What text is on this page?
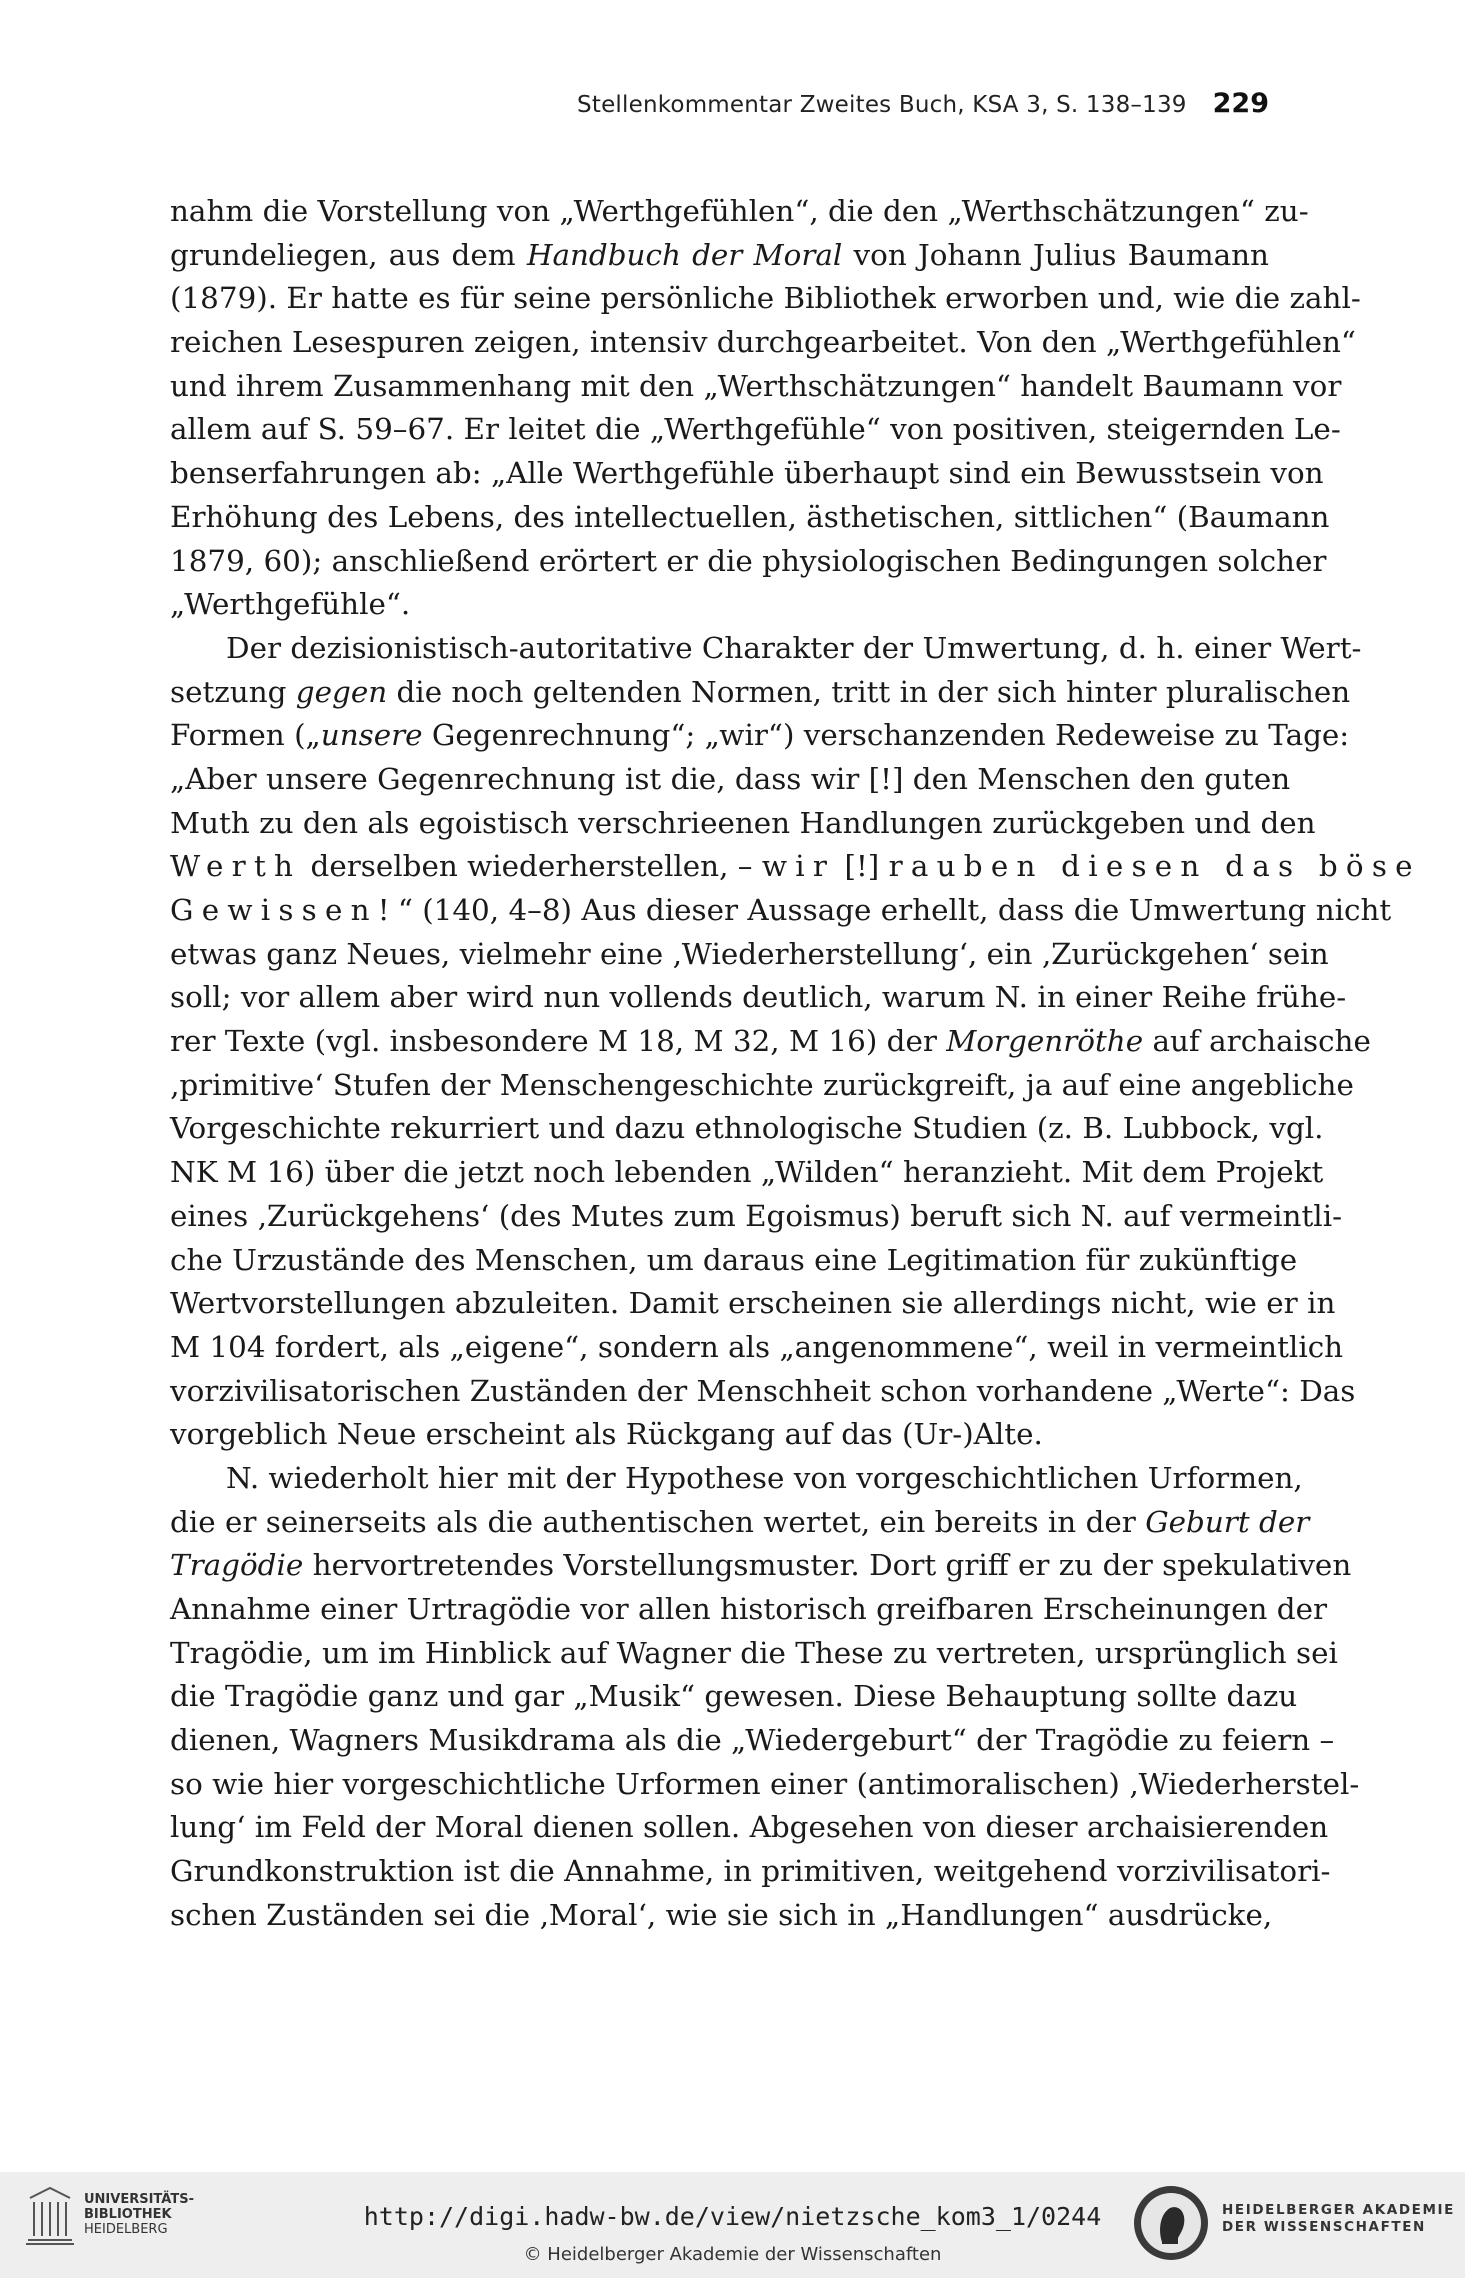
Stellenkommentar Zweites Buch, KSA 3, S. 138–139 229
nahm die Vorstellung von „Werthgefühlen“, die den „Werthschätzungen“ zu-
grundeliegen, aus dem Handbuch der Moral von Johann Julius Baumann
(1879). Er hatte es für seine persönliche Bibliothek erworben und, wie die zahl-
reichen Lesespuren zeigen, intensiv durchgearbeitet. Von den „Werthgefühlen“
und ihrem Zusammenhang mit den „Werthschätzungen“ handelt Baumann vor
allem auf S. 59–67. Er leitet die „Werthgefühle“ von positiven, steigernden Le-
benserfahrungen ab: „Alle Werthgefühle überhaupt sind ein Bewusstsein von
Erhöhung des Lebens, des intellectuellen, ästhetischen, sittlichen“ (Baumann
1879, 60); anschließend erörtert er die physiologischen Bedingungen solcher
„Werthgefühle“.
Der dezisionistisch-autoritative Charakter der Umwertung, d. h. einer Wert-
setzung gegen die noch geltenden Normen, tritt in der sich hinter pluralischen
Formen („unsere Gegenrechnung“; „wir“) verschanzenden Redeweise zu Tage:
„Aber unsere Gegenrechnung ist die, dass wir [!] den Menschen den guten
Muth zu den als egoistisch verschrieenen Handlungen zurückgeben und den
Werth derselben wiederherstellen, – wir [!] rauben diesen das böse
Gewissen!“ (140, 4–8) Aus dieser Aussage erhellt, dass die Umwertung nicht
etwas ganz Neues, vielmehr eine ‚Wiederherstellung‘, ein ‚Zurückgehen‘ sein
soll; vor allem aber wird nun vollends deutlich, warum N. in einer Reihe frühe-
rer Texte (vgl. insbesondere M 18, M 32, M 16) der Morgenröthe auf archaische
‚primitive‘ Stufen der Menschengeschichte zurückgreift, ja auf eine angebliche
Vorgeschichte rekurriert und dazu ethnologische Studien (z. B. Lubbock, vgl.
NK M 16) über die jetzt noch lebenden „Wilden“ heranzieht. Mit dem Projekt
eines ‚Zurückgehens‘ (des Mutes zum Egoismus) beruft sich N. auf vermeintli-
che Urzustände des Menschen, um daraus eine Legitimation für zukünftige
Wertvorstellungen abzuleiten. Damit erscheinen sie allerdings nicht, wie er in
M 104 fordert, als „eigene“, sondern als „angenommene“, weil in vermeintlich
vorzivilisatorischen Zuständen der Menschheit schon vorhandene „Werte“: Das
vorgeblich Neue erscheint als Rückgang auf das (Ur-)Alte.
N. wiederholt hier mit der Hypothese von vorgeschichtlichen Urformen,
die er seinerseits als die authentischen wertet, ein bereits in der Geburt der
Tragödie hervortretendes Vorstellungsmuster. Dort griff er zu der spekulativen
Annahme einer Urtragödie vor allen historisch greifbaren Erscheinungen der
Tragödie, um im Hinblick auf Wagner die These zu vertreten, ursprünglich sei
die Tragödie ganz und gar „Musik“ gewesen. Diese Behauptung sollte dazu
dienen, Wagners Musikdrama als die „Wiedergeburt“ der Tragödie zu feiern –
so wie hier vorgeschichtliche Urformen einer (antimoralischen) ‚Wiederherstel-
lung‘ im Feld der Moral dienen sollen. Abgesehen von dieser archaisierenden
Grundkonstruktion ist die Annahme, in primitiven, weitgehend vorzivilisatori-
schen Zuständen sei die ‚Moral‘, wie sie sich in „Handlungen“ ausdrücke,
UNIVERSITÄTS-
BIBLIOTHEK
HEIDELBERG	http://digi.hadw-bw.de/view/nietzsche_kom3_1/0244
© Heidelberger Akademie der Wissenschaften
HEIDELBERGER AKADEMIE
DER WISSENSCHAFTEN
